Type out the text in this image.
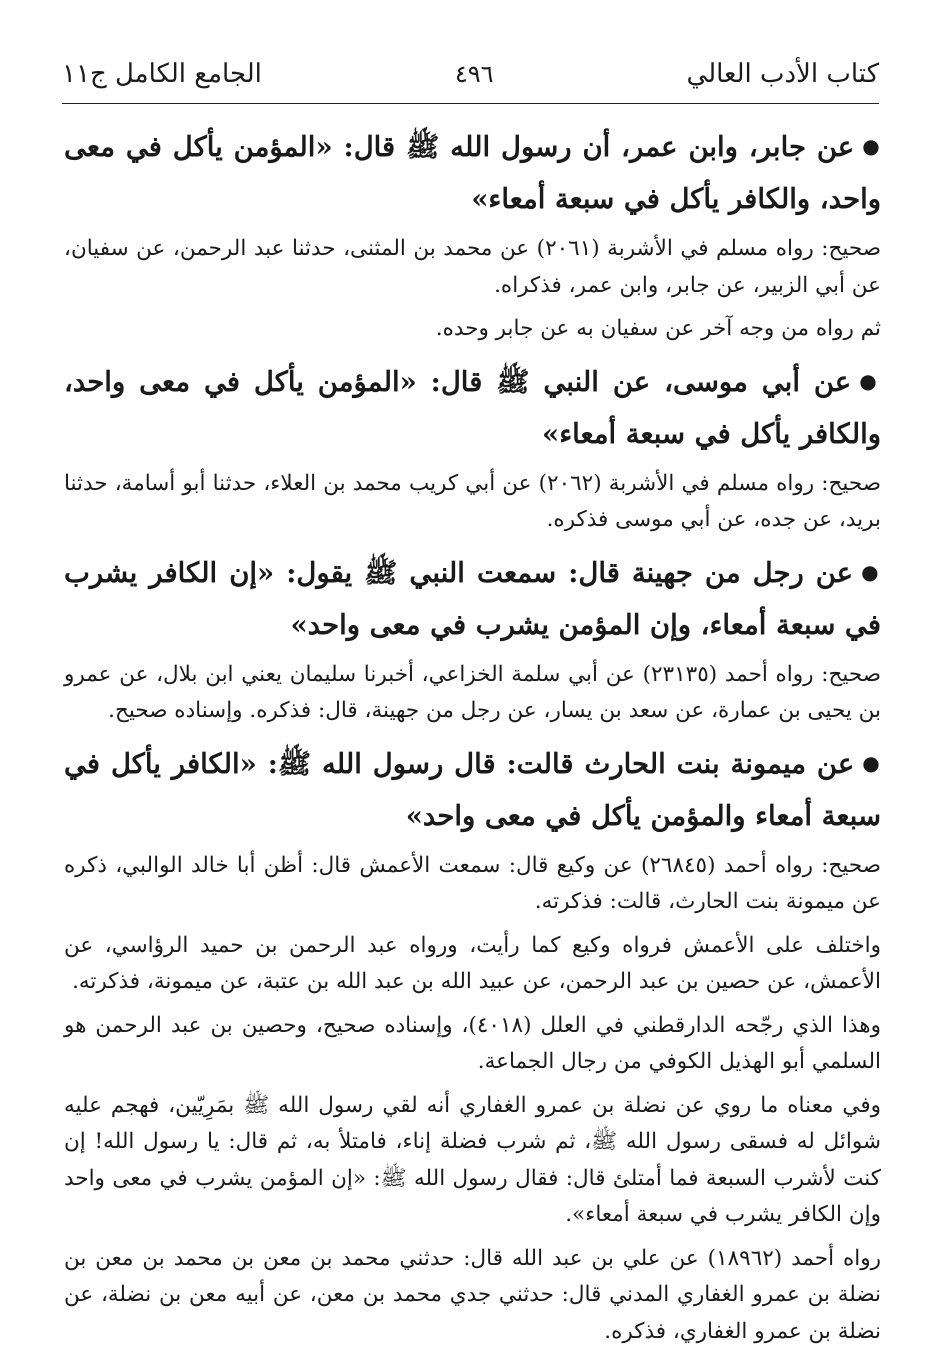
كتاب الأدب العالي
٤٩٦
الجامع الكامل ج١١

●عن جابر، وابن عمر، أن رسول الله ﷺ قال: «المؤمن يأكل في معى واحد، والكافر يأكل في سبعة أمعاء»

صحيح: رواه مسلم في الأشربة (٢٠٦١) عن محمد بن المثنى، حدثنا عبد الرحمن، عن سفيان، عن أبي الزبير، عن جابر، وابن عمر، فذكراه.

ثم رواه من وجه آخر عن سفيان به عن جابر وحده.

●عن أبي موسى، عن النبي ﷺ قال: «المؤمن يأكل في معى واحد، والكافر يأكل في سبعة أمعاء»

صحيح: رواه مسلم في الأشربة (٢٠٦٢) عن أبي كريب محمد بن العلاء، حدثنا أبو أسامة، حدثنا بريد، عن جده، عن أبي موسى فذكره.

●عن رجل من جهينة قال: سمعت النبي ﷺ يقول: «إن الكافر يشرب في سبعة أمعاء، وإن المؤمن يشرب في معى واحد»

صحيح: رواه أحمد (٢٣١٣٥) عن أبي سلمة الخزاعي، أخبرنا سليمان يعني ابن بلال، عن عمرو بن يحيى بن عمارة، عن سعد بن يسار، عن رجل من جهينة، قال: فذكره. وإسناده صحيح.

●عن ميمونة بنت الحارث قالت: قال رسول الله ﷺ: «الكافر يأكل في سبعة أمعاء والمؤمن يأكل في معى واحد»

صحيح: رواه أحمد (٢٦٨٤٥) عن وكيع قال: سمعت الأعمش قال: أظن أبا خالد الوالبي، ذكره عن ميمونة بنت الحارث، قالت: فذكرته.

واختلف على الأعمش فرواه وكيع كما رأيت، ورواه عبد الرحمن بن حميد الرؤاسي، عن الأعمش، عن حصين بن عبد الرحمن، عن عبيد الله بن عبد الله بن عتبة، عن ميمونة، فذكرته.

وهذا الذي رجّحه الدارقطني في العلل (٤٠١٨)، وإسناده صحيح، وحصين بن عبد الرحمن هو السلمي أبو الهذيل الكوفي من رجال الجماعة.

وفي معناه ما روي عن نضلة بن عمرو الغفاري أنه لقي رسول الله ﷺ بمَرِيّين، فهجم عليه شوائل له فسقى رسول الله ﷺ، ثم شرب فضلة إناء، فامتلأ به، ثم قال: يا رسول الله! إن كنت لأشرب السبعة فما أمتلئ قال: فقال رسول الله ﷺ: «إن المؤمن يشرب في معى واحد وإن الكافر يشرب في سبعة أمعاء».

رواه أحمد (١٨٩٦٢) عن علي بن عبد الله قال: حدثني محمد بن معن بن محمد بن معن بن نضلة بن عمرو الغفاري المدني قال: حدثني جدي محمد بن معن، عن أبيه معن بن نضلة، عن نضلة بن عمرو الغفاري، فذكره.
